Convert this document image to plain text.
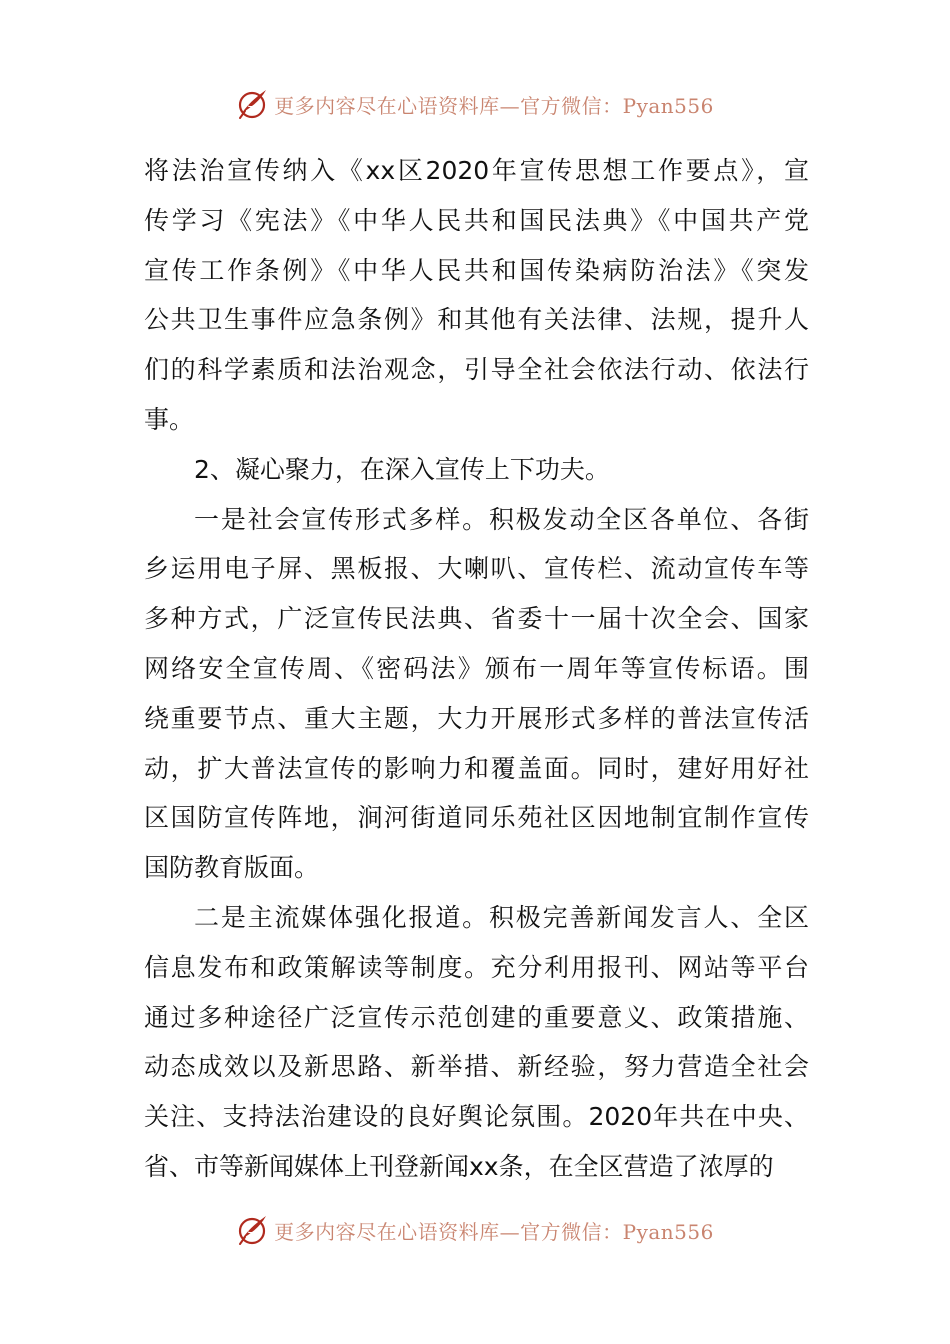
更多内容尽在心语资料库—官方微信：Pyan556
将法治宣传纳入《xx区2020年宣传思想工作要点》，宣
传学习《宪法》《中华人民共和国民法典》《中国共产党
宣传工作条例》《中华人民共和国传染病防治法》《突发
公共卫生事件应急条例》和其他有关法律、法规，提升人
们的科学素质和法治观念，引导全社会依法行动、依法行
事。
2、凝心聚力，在深入宣传上下功夫。
一是社会宣传形式多样。积极发动全区各单位、各街
乡运用电子屏、黑板报、大喇叭、宣传栏、流动宣传车等
多种方式，广泛宣传民法典、省委十一届十次全会、国家
网络安全宣传周、《密码法》颁布一周年等宣传标语。围
绕重要节点、重大主题，大力开展形式多样的普法宣传活
动，扩大普法宣传的影响力和覆盖面。同时，建好用好社
区国防宣传阵地，涧河街道同乐苑社区因地制宜制作宣传
国防教育版面。
二是主流媒体强化报道。积极完善新闻发言人、全区
信息发布和政策解读等制度。充分利用报刊、网站等平台
通过多种途径广泛宣传示范创建的重要意义、政策措施、
动态成效以及新思路、新举措、新经验，努力营造全社会
关注、支持法治建设的良好舆论氛围。2020年共在中央、
省、市等新闻媒体上刊登新闻xx条，在全区营造了浓厚的
更多内容尽在心语资料库—官方微信：Pyan556
